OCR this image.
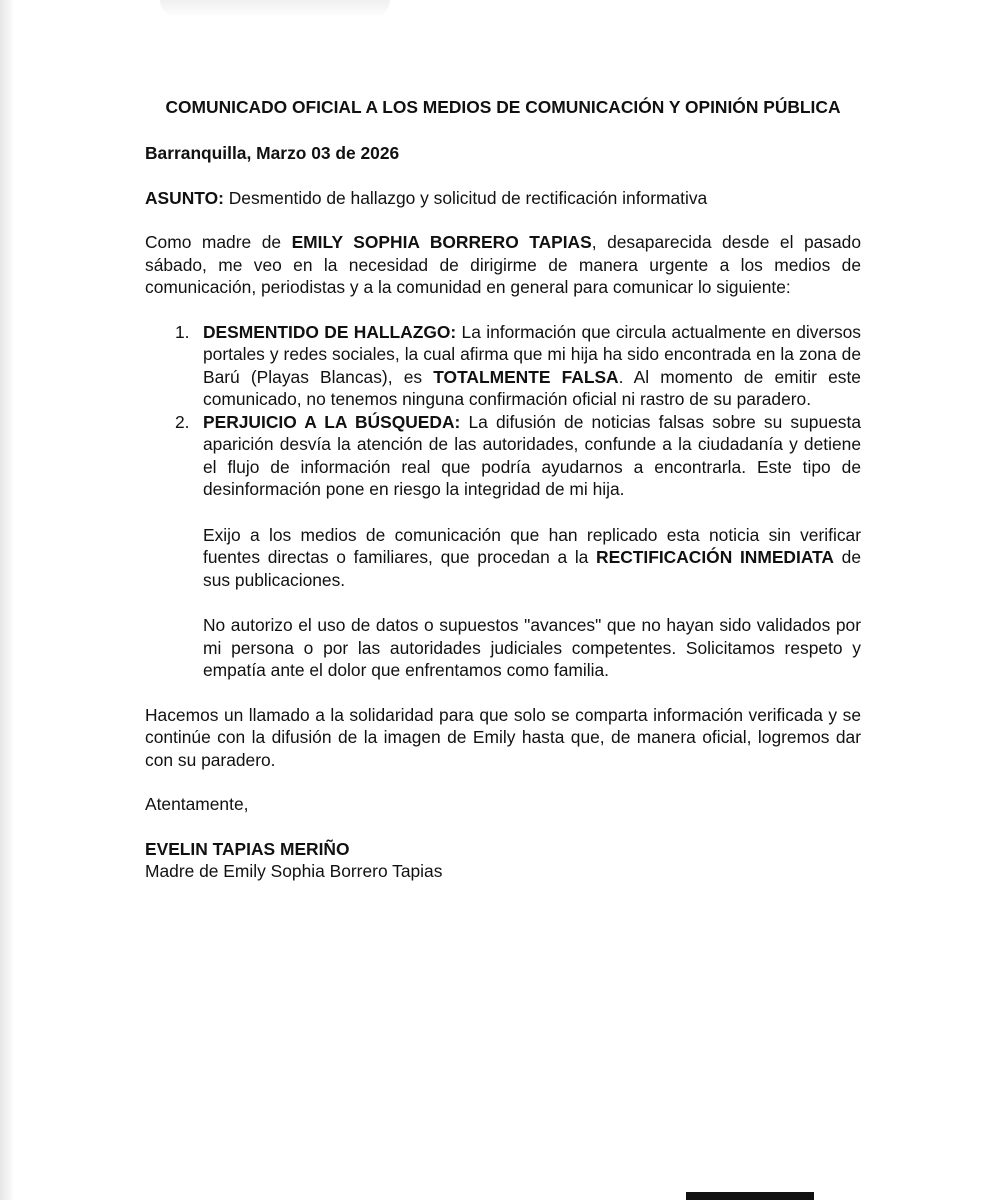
COMUNICADO OFICIAL A LOS MEDIOS DE COMUNICACIÓN Y OPINIÓN PÚBLICA

Barranquilla, Marzo 03 de 2026

ASUNTO: Desmentido de hallazgo y solicitud de rectificación informativa

Como madre de EMILY SOPHIA BORRERO TAPIAS, desaparecida desde el pasado sábado, me veo en la necesidad de dirigirme de manera urgente a los medios de comunicación, periodistas y a la comunidad en general para comunicar lo siguiente:

1. DESMENTIDO DE HALLAZGO: La información que circula actualmente en diversos portales y redes sociales, la cual afirma que mi hija ha sido encontrada en la zona de Barú (Playas Blancas), es TOTALMENTE FALSA. Al momento de emitir este comunicado, no tenemos ninguna confirmación oficial ni rastro de su paradero.
2. PERJUICIO A LA BÚSQUEDA: La difusión de noticias falsas sobre su supuesta aparición desvía la atención de las autoridades, confunde a la ciudadanía y detiene el flujo de información real que podría ayudarnos a encontrarla. Este tipo de desinformación pone en riesgo la integridad de mi hija.

Exijo a los medios de comunicación que han replicado esta noticia sin verificar fuentes directas o familiares, que procedan a la RECTIFICACIÓN INMEDIATA de sus publicaciones.

No autorizo el uso de datos o supuestos "avances" que no hayan sido validados por mi persona o por las autoridades judiciales competentes. Solicitamos respeto y empatía ante el dolor que enfrentamos como familia.

Hacemos un llamado a la solidaridad para que solo se comparta información verificada y se continúe con la difusión de la imagen de Emily hasta que, de manera oficial, logremos dar con su paradero.

Atentamente,

EVELIN TAPIAS MERIÑO

Madre de Emily Sophia Borrero Tapias
